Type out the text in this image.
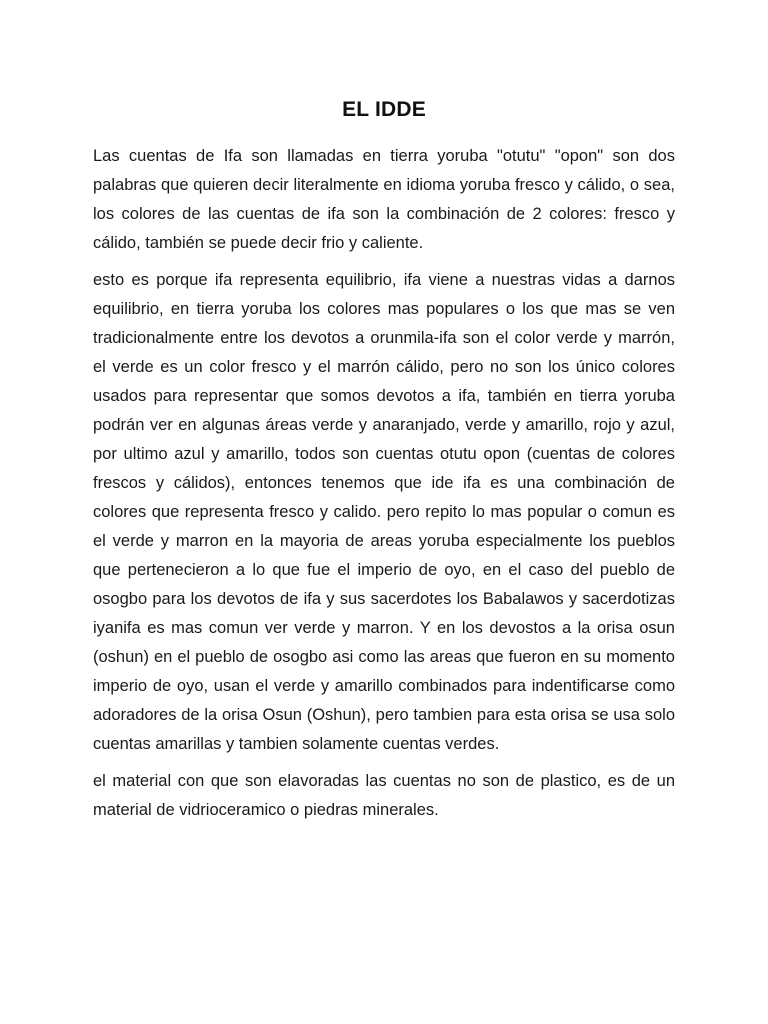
EL IDDE

Las cuentas de Ifa son llamadas en tierra yoruba "otutu" "opon" son dos palabras que quieren decir literalmente en idioma yoruba fresco y cálido, o sea, los colores de las cuentas de ifa son la combinación de 2 colores: fresco y cálido, también se puede decir frio y caliente.

esto es porque ifa representa equilibrio, ifa viene a nuestras vidas a darnos equilibrio, en tierra yoruba los colores mas populares o los que mas se ven tradicionalmente entre los devotos a orunmila-ifa son el color verde y marrón, el verde es un color fresco y el marrón cálido, pero no son los único colores usados para representar que somos devotos a ifa, también en tierra yoruba podrán ver en algunas áreas verde y anaranjado, verde y amarillo, rojo y azul, por ultimo azul y amarillo, todos son cuentas otutu opon (cuentas de colores frescos y cálidos), entonces tenemos que ide ifa es una combinación de colores que representa fresco y calido. pero repito lo mas popular o comun es el verde y marron en la mayoria de areas yoruba especialmente los pueblos que pertenecieron a lo que fue el imperio de oyo, en el caso del pueblo de osogbo para los devotos de ifa y sus sacerdotes los Babalawos y sacerdotizas iyanifa es mas comun ver verde y marron. Y en los devostos a la orisa osun (oshun) en el pueblo de osogbo asi como las areas que fueron en su momento imperio de oyo, usan el verde y amarillo combinados para indentificarse como adoradores de la orisa Osun (Oshun), pero tambien para esta orisa se usa solo cuentas amarillas y tambien solamente cuentas verdes.

el material con que son elavoradas las cuentas no son de plastico, es de un material de vidrioceramico o piedras minerales.
